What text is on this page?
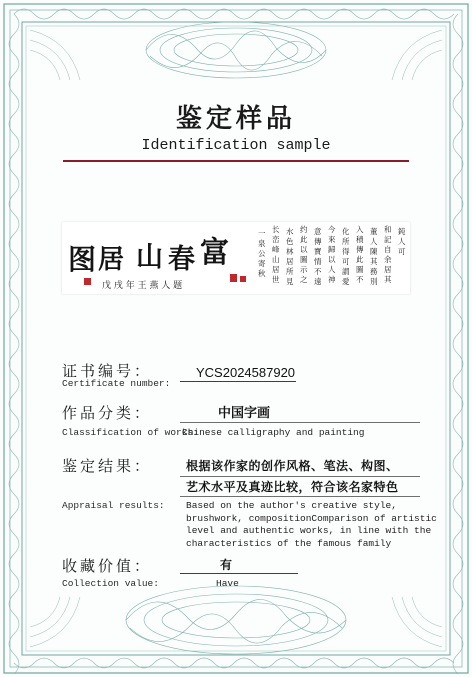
鉴定样品
Identification sample
图 居 山 春 富
戊 戌 年 王 燕 人 题
一
泉
公
寄
秋
长
峦
峰
山
居
世
水
色
林
居
所
見
约
此
以
圖
示
之
意
傳
寶
情
不
遠
今
來
歸
以
人
神
化
所
得
可
謂
愛
入
積
傳
此
圖
不
董
人
陳
其
務
別
和
記
自
余
居
其
鈍
人
可
证书编号：
Certificate number:
YCS2024587920
作品分类：	中国字画
Classification of works:
Chinese calligraphy and painting
鉴定结果：	根据该作家的创作风格、笔法、构图、
艺术水平及真迹比较，符合该名家特色
Appraisal results: Based on the author's creative style,
brushwork, compositionComparison of artistic
level and authentic works, in line with the
characteristics of the famous family
收藏价值：	有
Collection value:	Have
